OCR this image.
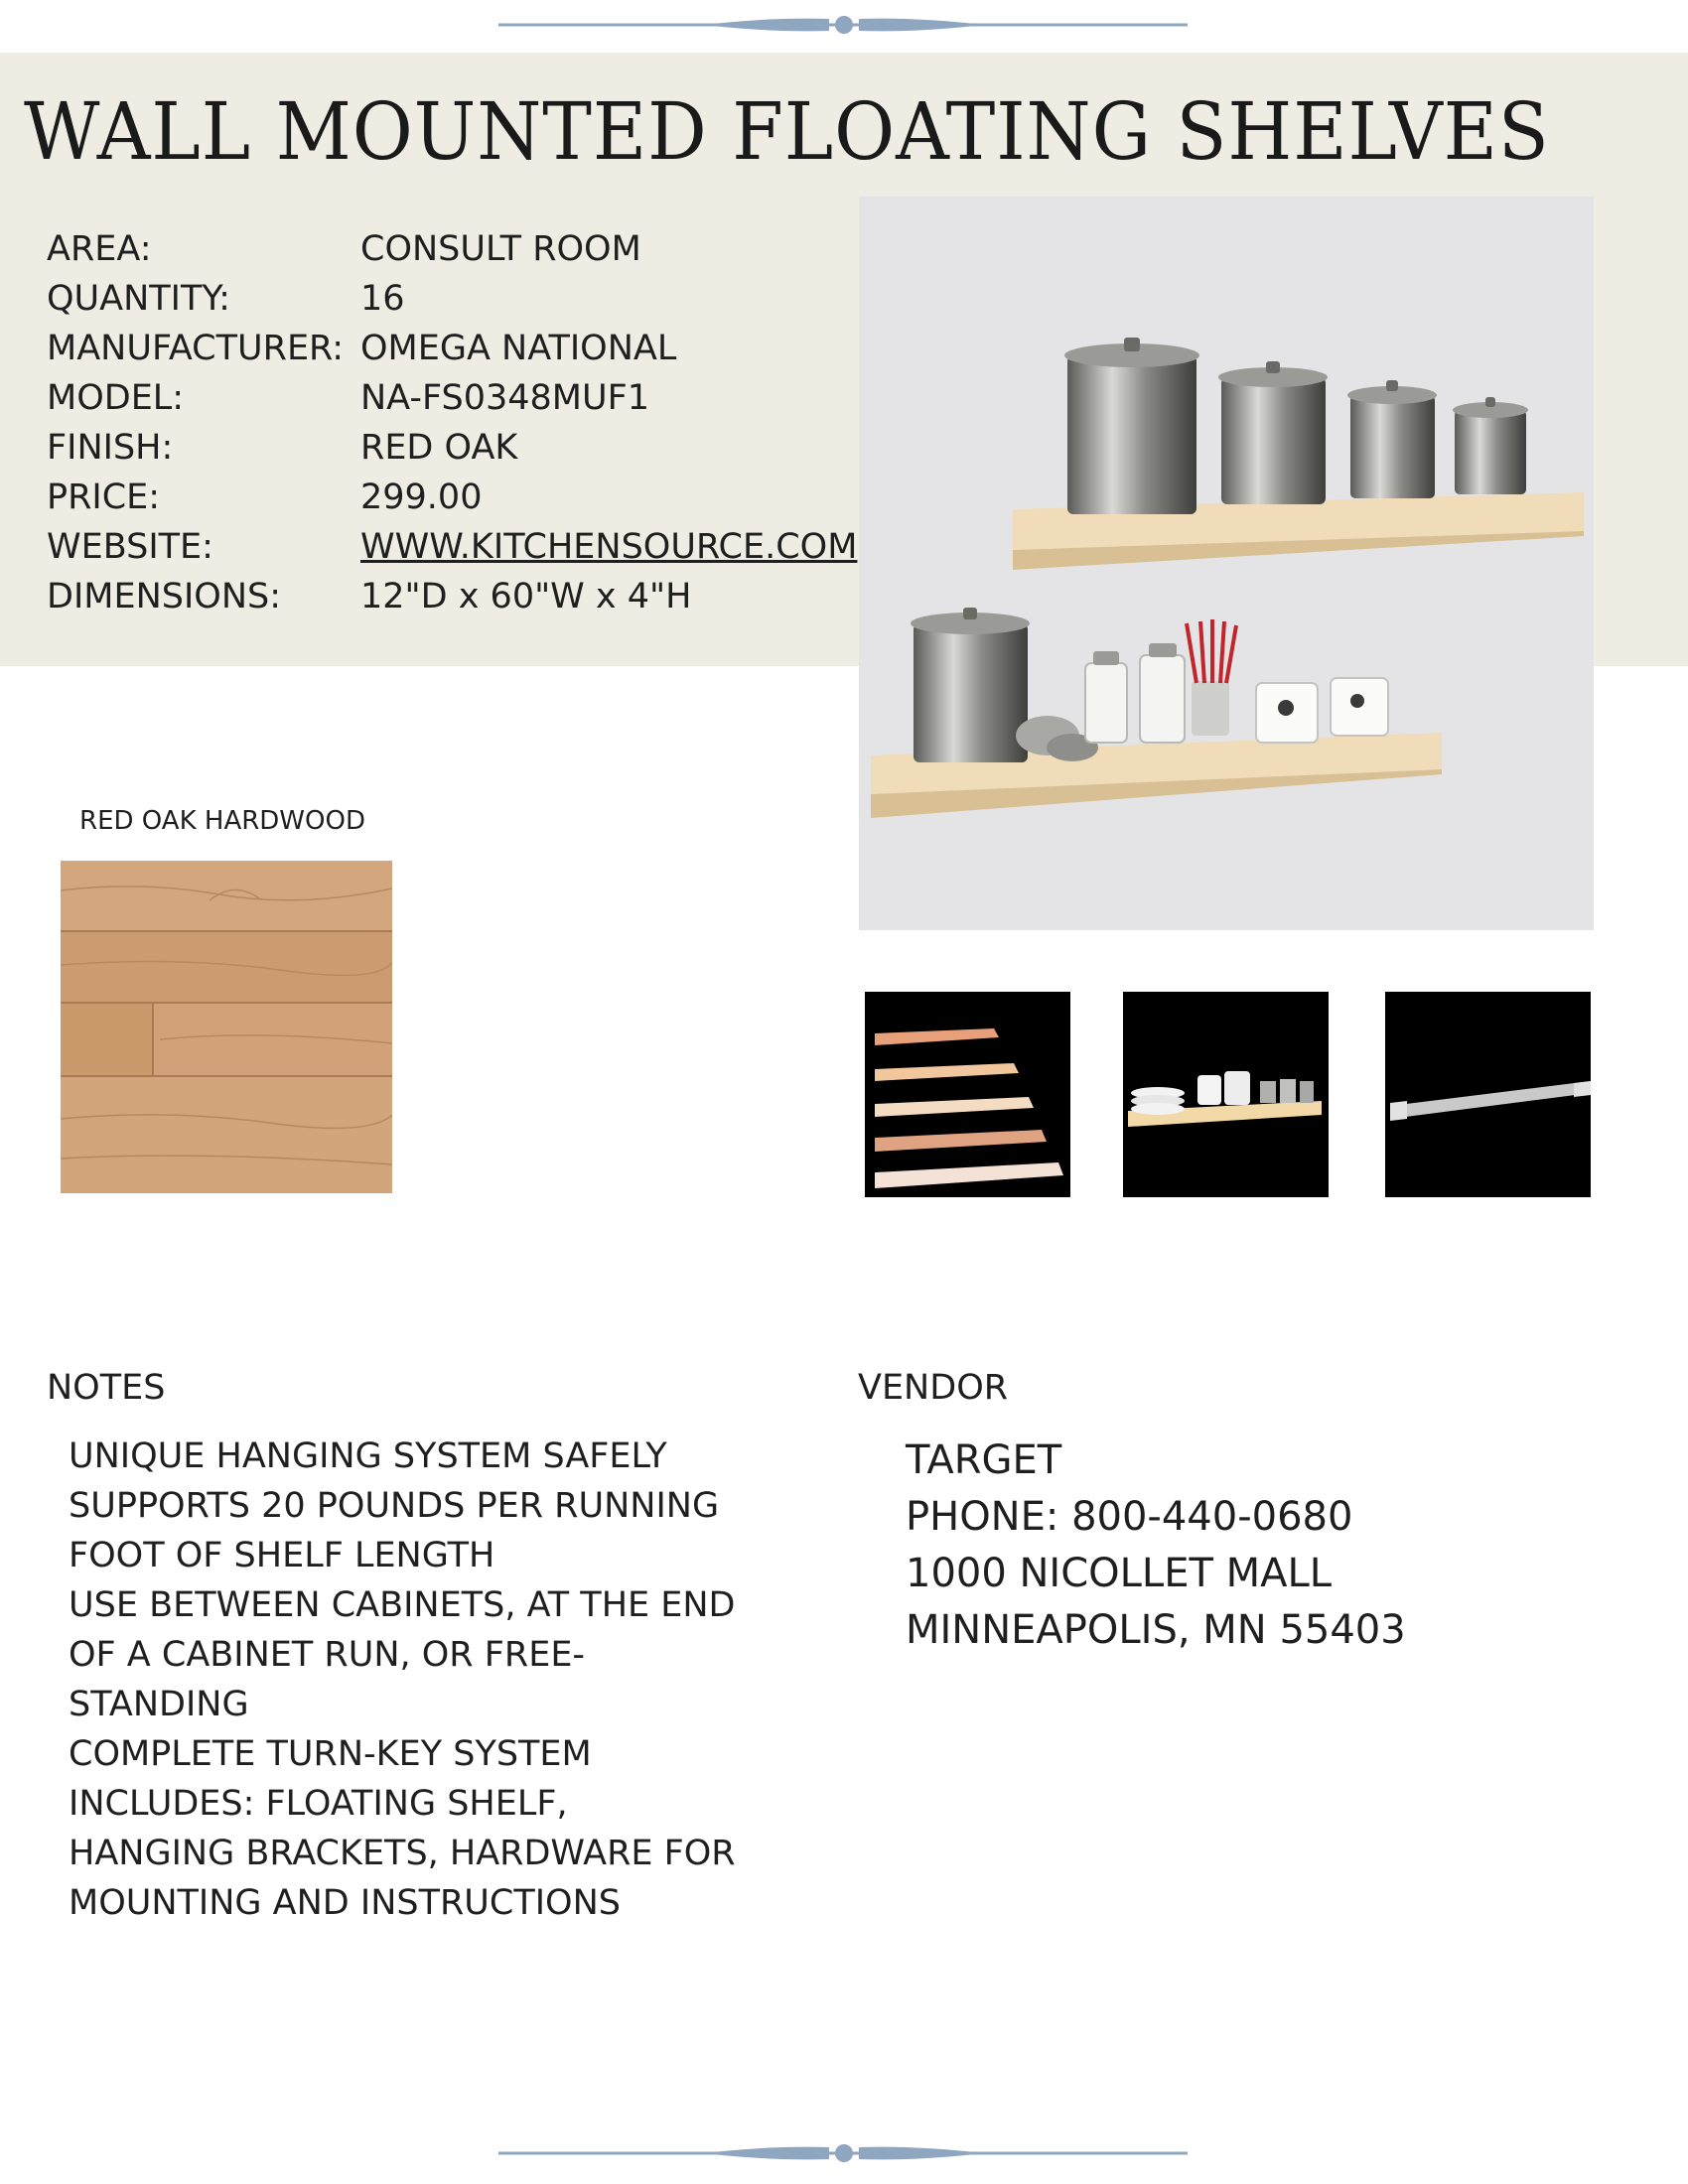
WALL MOUNTED FLOATING SHELVES
AREA:	CONSULT ROOM
QUANTITY:	16
MANUFACTURER: OMEGA NATIONAL
MODEL:	NA-FS0348MUF1
FINISH:	RED OAK
PRICE:	299.00
WEBSITE:	WWW.KITCHENSOURCE.COM
DIMENSIONS:	12"D x 60"W x 4"H
RED OAK HARDWOOD
NOTES
UNIQUE HANGING SYSTEM SAFELY
SUPPORTS 20 POUNDS PER RUNNING
FOOT OF SHELF LENGTH
USE BETWEEN CABINETS, AT THE END
OF A CABINET RUN, OR FREE-
STANDING
COMPLETE TURN-KEY SYSTEM
INCLUDES: FLOATING SHELF,
HANGING BRACKETS, HARDWARE FOR
MOUNTING AND INSTRUCTIONS
VENDOR
TARGET
PHONE: 800-440-0680
1000 NICOLLET MALL
MINNEAPOLIS, MN 55403
